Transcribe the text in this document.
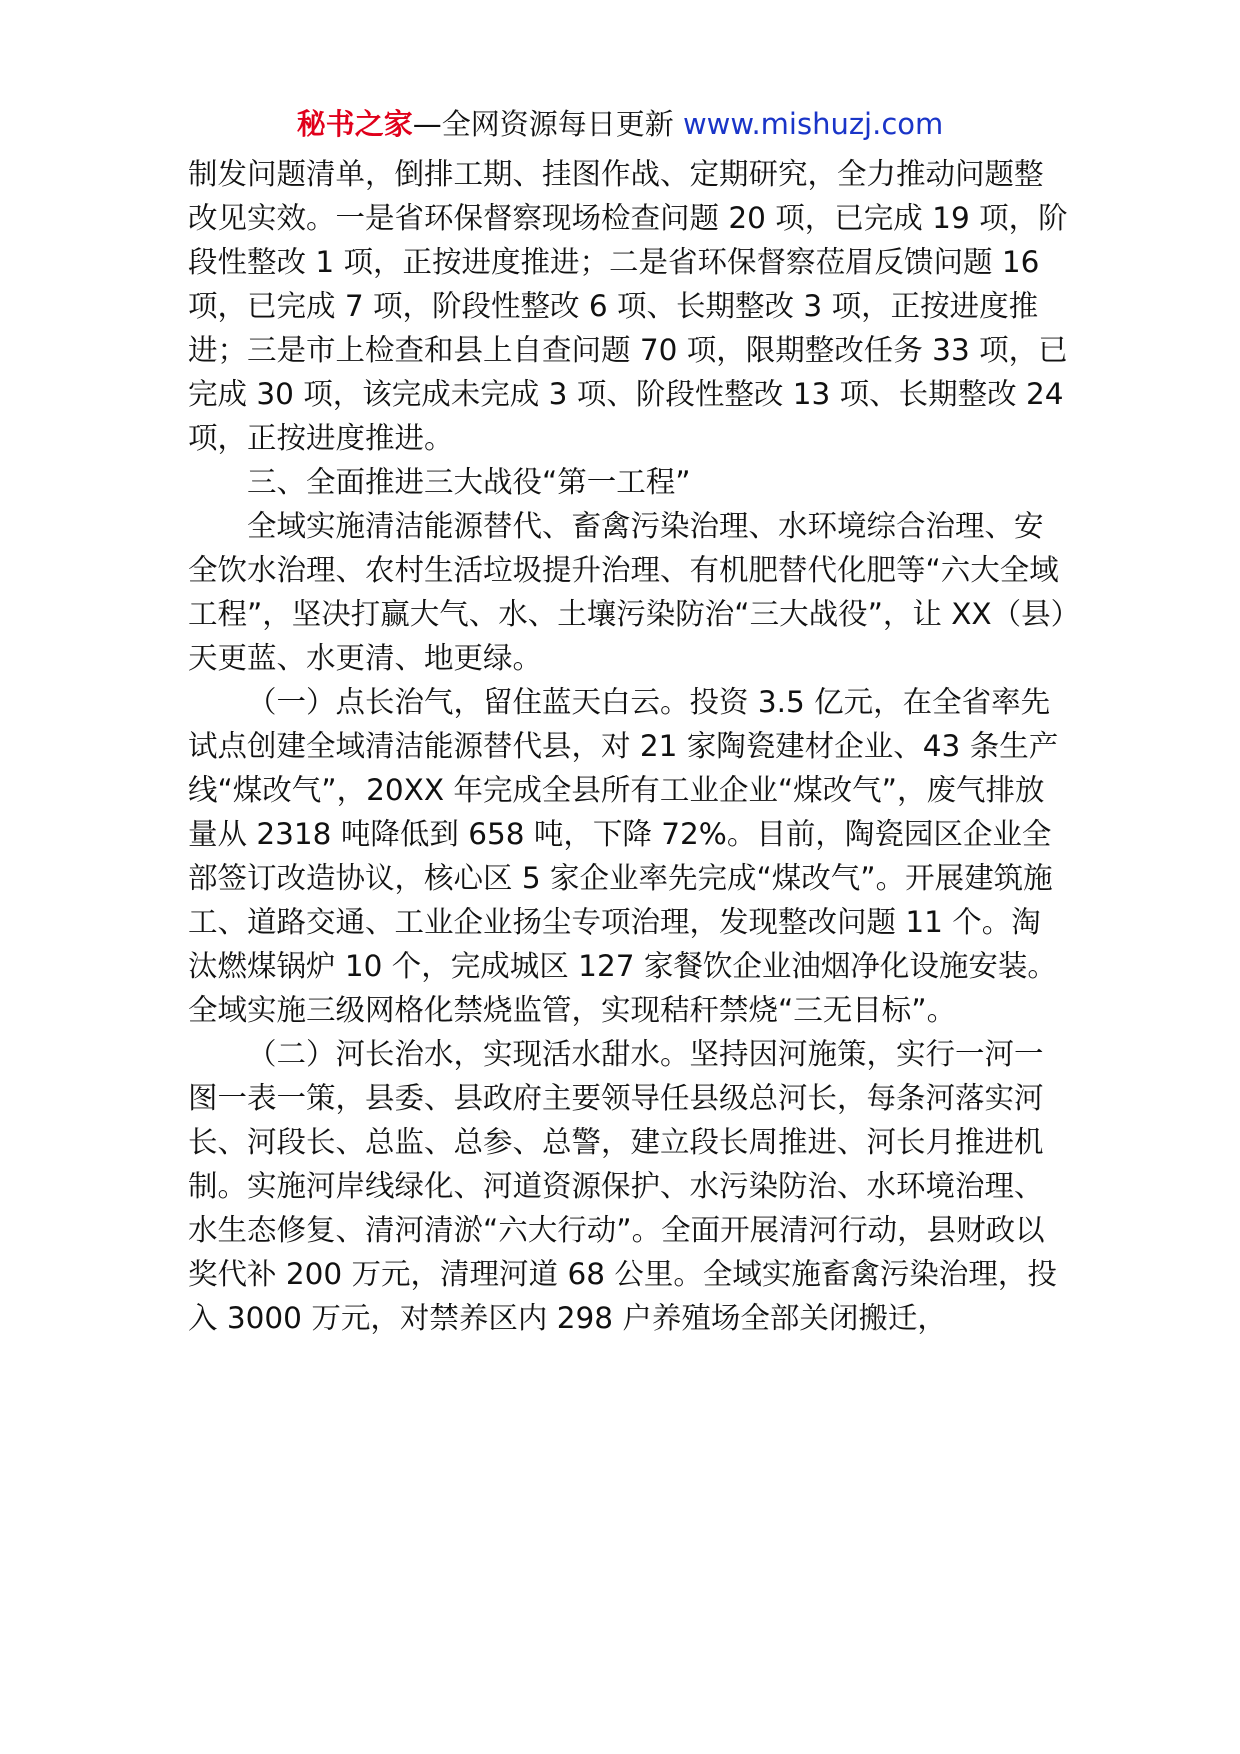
秘书之家—全网资源每日更新 www.mishuzj.com

制发问题清单，倒排工期、挂图作战、定期研究，全力推动问题整改见实效。一是省环保督察现场检查问题 20 项，已完成 19 项，阶段性整改 1 项，正按进度推进；二是省环保督察莅眉反馈问题 16 项，已完成 7 项，阶段性整改 6 项、长期整改 3 项，正按进度推进；三是市上检查和县上自查问题 70 项，限期整改任务 33 项，已完成 30 项，该完成未完成 3 项、阶段性整改 13 项、长期整改 24 项，正按进度推进。

三、全面推进三大战役“第一工程”

全域实施清洁能源替代、畜禽污染治理、水环境综合治理、安全饮水治理、农村生活垃圾提升治理、有机肥替代化肥等“六大全域工程”，坚决打赢大气、水、土壤污染防治“三大战役”，让 XX（县）天更蓝、水更清、地更绿。

（一）点长治气，留住蓝天白云。投资 3.5 亿元，在全省率先试点创建全域清洁能源替代县，对 21 家陶瓷建材企业、43 条生产线“煤改气”，20XX 年完成全县所有工业企业“煤改气”，废气排放量从 2318 吨降低到 658 吨，下降 72%。目前，陶瓷园区企业全部签订改造协议，核心区 5 家企业率先完成“煤改气”。开展建筑施工、道路交通、工业企业扬尘专项治理，发现整改问题 11 个。淘汰燃煤锅炉 10 个，完成城区 127 家餐饮企业油烟净化设施安装。全域实施三级网格化禁烧监管，实现秸秆禁烧“三无目标”。

（二）河长治水，实现活水甜水。坚持因河施策，实行一河一图一表一策，县委、县政府主要领导任县级总河长，每条河落实河长、河段长、总监、总参、总警，建立段长周推进、河长月推进机制。实施河岸线绿化、河道资源保护、水污染防治、水环境治理、水生态修复、清河清淤“六大行动”。全面开展清河行动，县财政以奖代补 200 万元，清理河道 68 公里。全域实施畜禽污染治理，投入 3000 万元，对禁养区内 298 户养殖场全部关闭搬迁，
